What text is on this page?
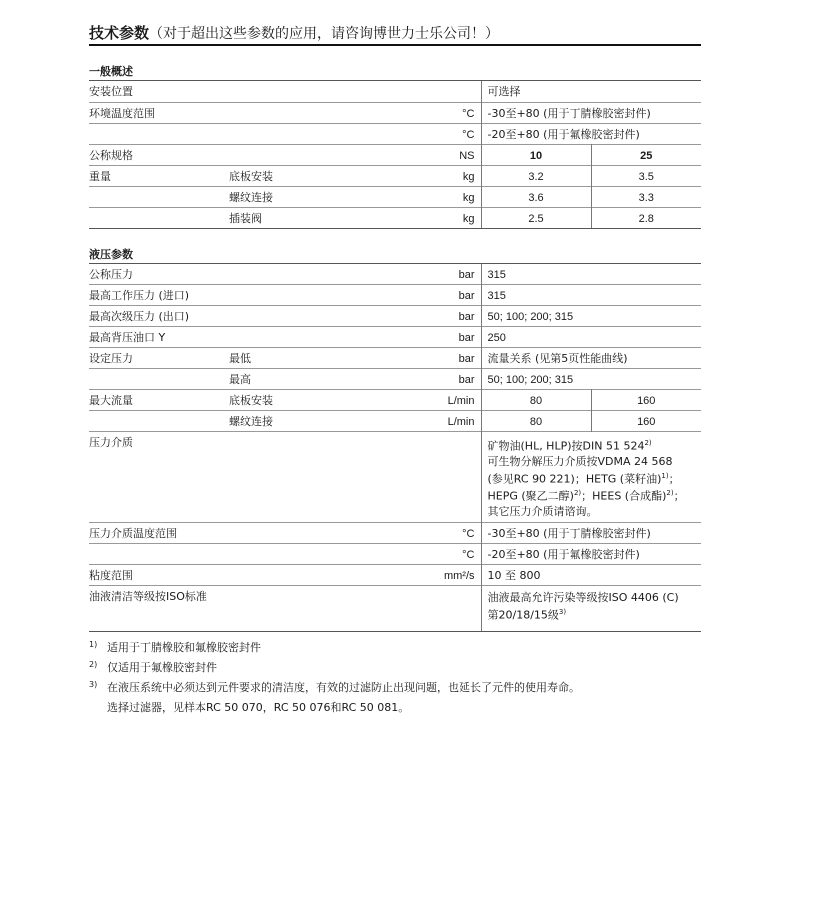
技术参数（对于超出这些参数的应用，请咨询博世力士乐公司！）
一般概述
安装位置			可选择	
环境温度范围		°C	-30至+80 (用于丁腈橡胶密封件)	
		°C	-20至+80 (用于氟橡胶密封件)	
公称规格		NS	10	25
重量	底板安装	kg	3.2	3.5
	螺纹连接	kg	3.6	3.3
	插装阀	kg	2.5	2.8
液压参数
公称压力		bar	315	
最高工作压力 (进口)		bar	315	
最高次级压力 (出口)		bar	50; 100; 200; 315	
最高背压油口 Y		bar	250	
设定压力	最低	bar	流量关系 (见第5页性能曲线)	
	最高	bar	50; 100; 200; 315	
最大流量	底板安装	L/min	80	160
	螺纹连接	L/min	80	160
压力介质			矿物油(HL, HLP)按DIN 51 524$^{2)}$
可生物分解压力介质按VDMA 24 568
(参见RC 90 221)；HETG (菜籽油)$^{1)}$；
HEPG (聚乙二醇)$^{2)}$；HEES (合成酯)$^{2)}$；
其它压力介质请谘询。	

压力介质温度范围		°C	-30至+80 (用于丁腈橡胶密封件)	
		°C	-20至+80 (用于氟橡胶密封件)	
粘度范围		mm²/s	10 至 800	
油液清洁等级按ISO标准			油液最高允许污染等级按ISO 4406 (C)
第20/18/15级$^{3)}$
1) 适用于丁腈橡胶和氟橡胶密封件
2) 仅适用于氟橡胶密封件
3) 在液压系统中必须达到元件要求的清洁度，有效的过滤防止出现问题，也延长了元件的使用寿命。
选择过滤器，见样本RC 50 070，RC 50 076和RC 50 081。
